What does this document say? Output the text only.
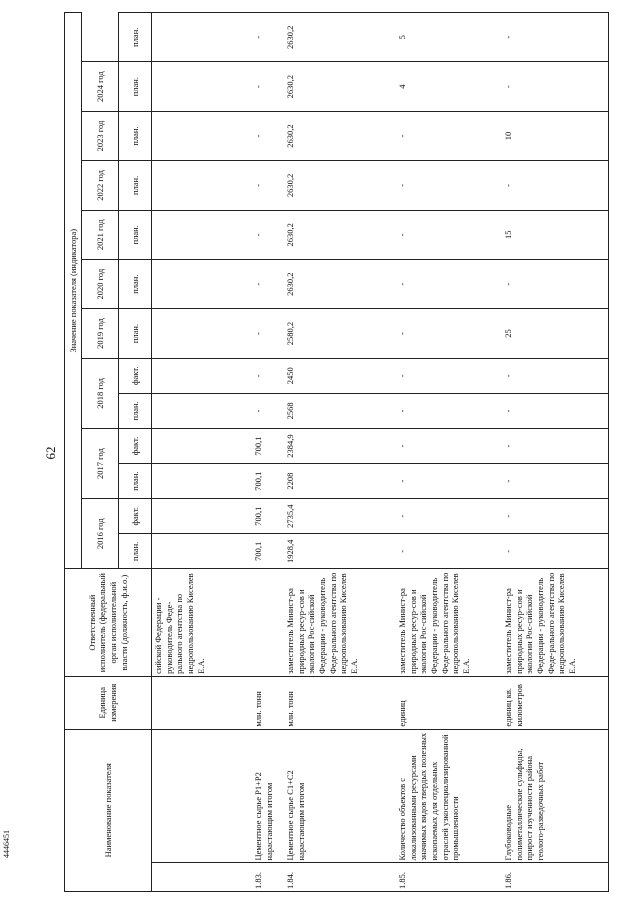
62
4446451	Наименование показателя		Единица измерения	Ответственный исполнитель (федеральный орган исполнительной власти (должность, ф.и.о.)	Значение показателя (индикатора)												
				2016 год		2017 год		2018 год		2019 год	2020 год	2021 год	2022 год	2023 год	2024 год	
				план.	факт.	план.	факт.	план.	факт.	план.	план.	план.	план.	план.	план.	план.
			сийской Федерации - руководитель Феде-рального агентства по недропользованию Киселев Е.А.													
1.83.	Цементное сырье Р1+Р2 нарастающим итогом	млн. тонн		700,1	700,1	700,1	700,1	-	-	-	-	-	-	-	-	-
1.84.	Цементное сырье С1+С2 нарастающим итогом	млн. тонн	заместитель Минист-ра природных ресур-сов и экологии Рос-сийской Федерации - руководитель Феде-рального агентства по недропользованию Киселев Е.А.	1928,4	2735,4	2208	2384,9	2568	2450	2580,2	2630,2	2630,2	2630,2	2630,2	2630,2	2630,2
1.85.	Количество объектов с локализованными ресурсами значимых видов твердых полезных ископаемых для отдельных отраслей узкоспециализированной промышленности	единиц	заместитель Минист-ра природных ресур-сов и экологии Рос-сийской Федерации - руководитель Феде-рального агентства по недропользованию Киселев Е.А.	-	-	-	-	-	-	-	-	-	-	-	4	5
1.86.	Глубоководные полиметаллические сульфиды, прирост изученности района геолого-разведочных работ	единиц кв. километров	заместитель Минист-ра природных ресур-сов и экологии Рос-сийской Федерации - руководитель Феде-рального агентства по недропользованию Киселев Е.А.	-	-	-	-	-	-	25	-	15	-	10	-	-
